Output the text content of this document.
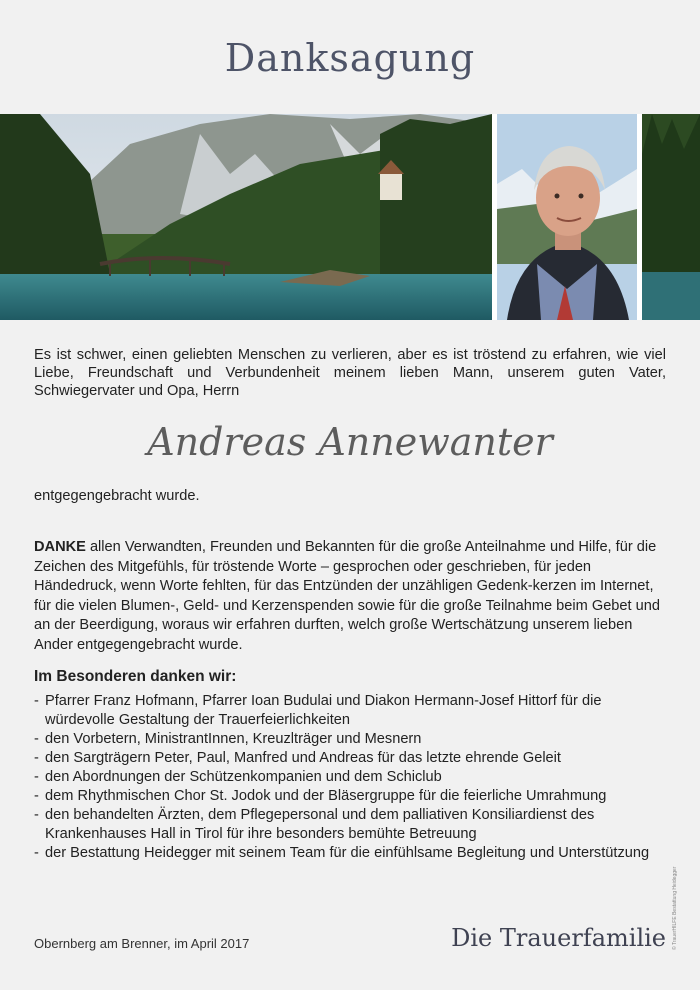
Danksagung
Es ist schwer, einen geliebten Menschen zu verlieren, aber es ist tröstend zu erfahren, wie viel Liebe, Freundschaft und Verbundenheit meinem lieben Mann, unserem guten Vater, Schwiegervater und Opa, Herrn
Andreas Annewanter
entgegengebracht wurde.
DANKE allen Verwandten, Freunden und Bekannten für die große Anteilnahme und Hilfe, für die Zeichen des Mitgefühls, für tröstende Worte – gesprochen oder geschrieben, für jeden Händedruck, wenn Worte fehlten, für das Entzünden der unzähligen Gedenk-kerzen im Internet, für die vielen Blumen-, Geld- und Kerzenspenden sowie für die große Teilnahme beim Gebet und an der Beerdigung, woraus wir erfahren durften, welch große Wertschätzung unserem lieben Ander entgegengebracht wurde.
Im Besonderen danken wir:
- Pfarrer Franz Hofmann, Pfarrer Ioan Budulai und Diakon Hermann-Josef Hittorf für die würdevolle Gestaltung der Trauerfeierlichkeiten
- den Vorbetern, MinistrantInnen, Kreuzlträger und Mesnern
- den Sargträgern Peter, Paul, Manfred und Andreas für das letzte ehrende Geleit
- den Abordnungen der Schützenkompanien und dem Schiclub
- dem Rhythmischen Chor St. Jodok und der Bläsergruppe für die feierliche Umrahmung
- den behandelten Ärzten, dem Pflegepersonal und dem palliativen Konsiliardienst des Krankenhauses Hall in Tirol für ihre besonders bemühte Betreuung
- der Bestattung Heidegger mit seinem Team für die einfühlsame Begleitung und Unterstützung
Obernberg am Brenner, im April 2017	Die Trauerfamilie © TrauerHILFE Bestattung Heidegger
